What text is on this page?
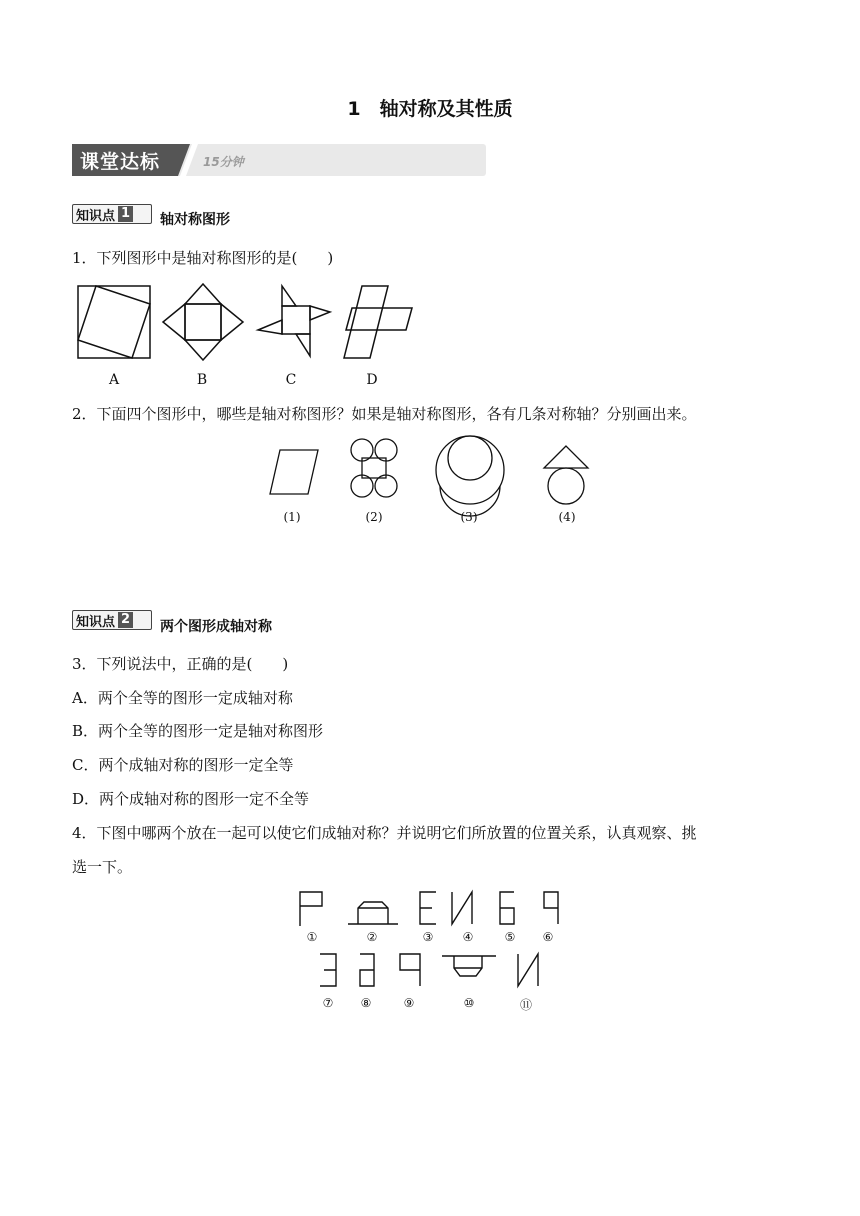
1　轴对称及其性质
课堂达标	15分钟
知识点 1 轴对称图形
1．下列图形中是轴对称图形的是(　　)
A	B	C	D
2．下面四个图形中，哪些是轴对称图形？如果是轴对称图形，各有几条对称轴？分别画出来。
(1)	(2)	(3)	(4)
知识点 2 两个图形成轴对称
3．下列说法中，正确的是(　　)
A．两个全等的图形一定成轴对称
B．两个全等的图形一定是轴对称图形
C．两个成轴对称的图形一定全等
D．两个成轴对称的图形一定不全等
4．下图中哪两个放在一起可以使它们成轴对称？并说明它们所放置的位置关系，认真观察、挑
选一下。
①	②	③ ④	⑤ ⑥
⑦ ⑧	⑨	⑩	⑪
